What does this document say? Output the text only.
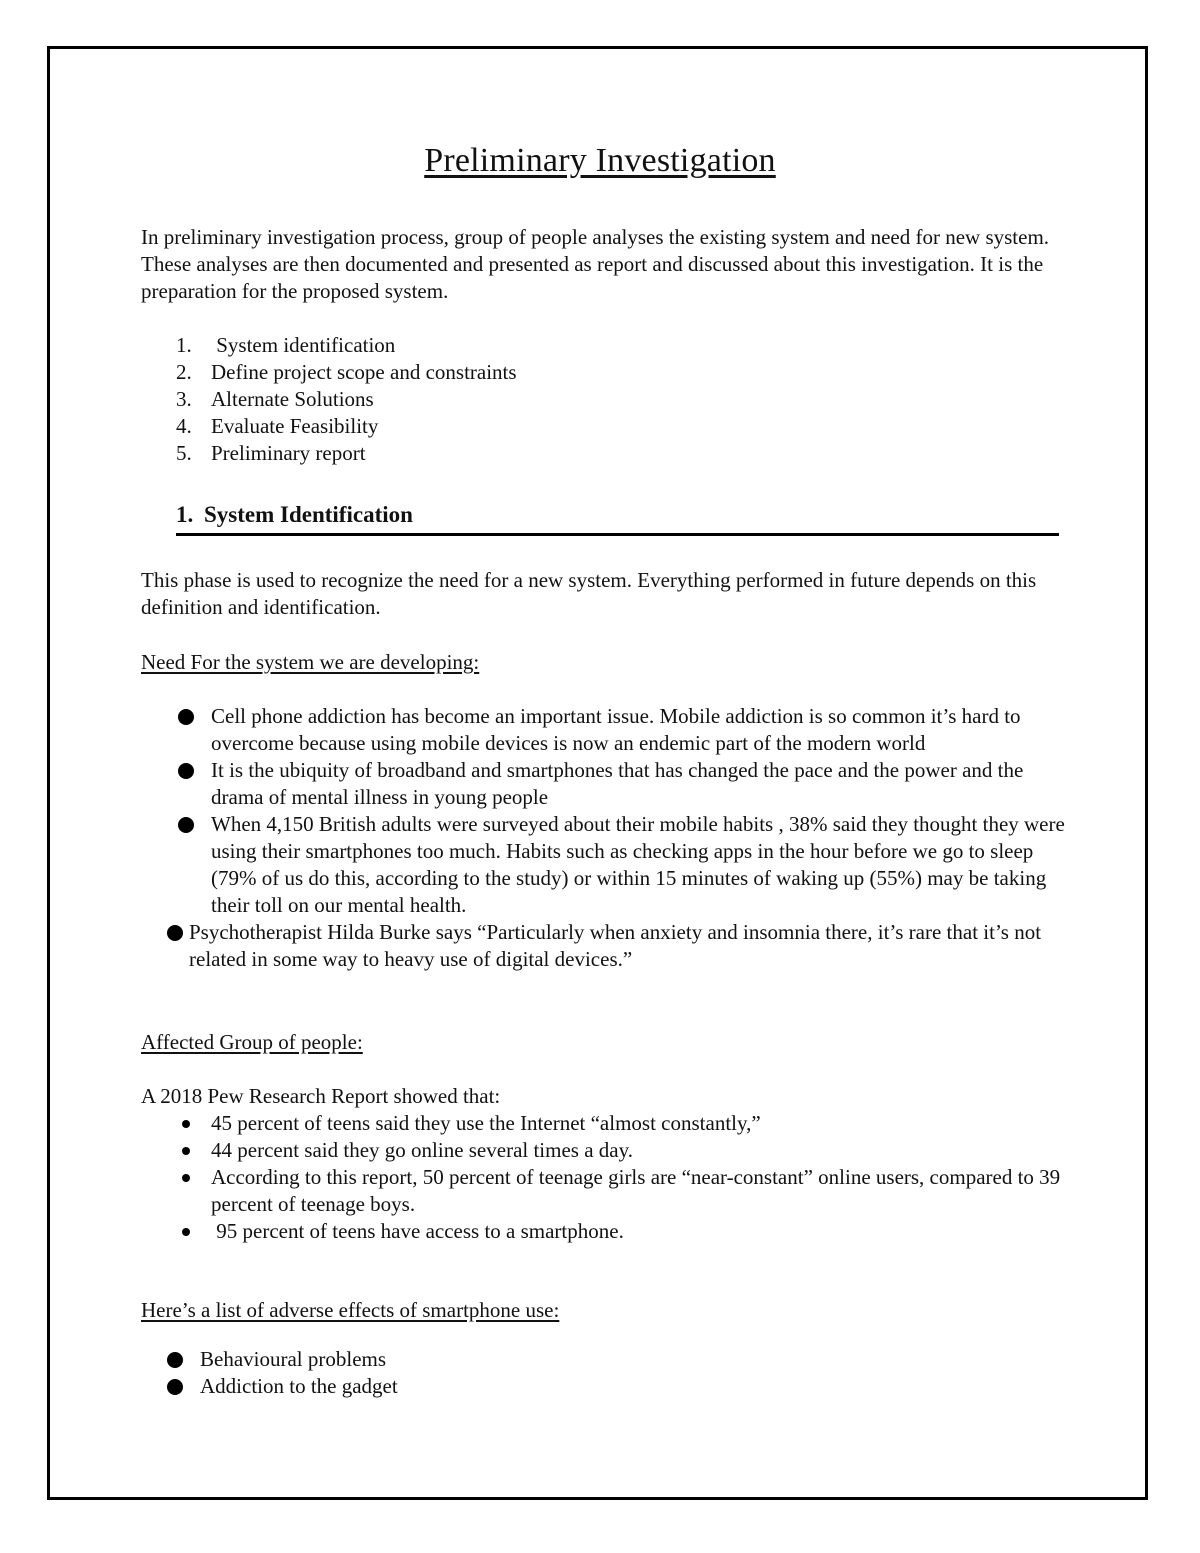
Preliminary Investigation

In preliminary investigation process, group of people analyses the existing system and need for new system. These analyses are then documented and presented as report and discussed about this investigation. It is the preparation for the proposed system.

1. System identification
2. Define project scope and constraints
3. Alternate Solutions
4. Evaluate Feasibility
5. Preliminary report
1. System Identification

This phase is used to recognize the need for a new system. Everything performed in future depends on this definition and identification.

Need For the system we are developing:
Cell phone addiction has become an important issue. Mobile addiction is so common it’s hard to overcome because using mobile devices is now an endemic part of the modern world
It is the ubiquity of broadband and smartphones that has changed the pace and the power and the drama of mental illness in young people
When 4,150 British adults were surveyed about their mobile habits , 38% said they thought they were using their smartphones too much. Habits such as checking apps in the hour before we go to sleep (79% of us do this, according to the study) or within 15 minutes of waking up (55%) may be taking their toll on our mental health.
Psychotherapist Hilda Burke says “Particularly when anxiety and insomnia there, it’s rare that it’s not related in some way to heavy use of digital devices.”
Affected Group of people:
A 2018 Pew Research Report showed that:
45 percent of teens said they use the Internet “almost constantly,”
44 percent said they go online several times a day.
According to this report, 50 percent of teenage girls are “near-constant” online users, compared to 39 percent of teenage boys.
95 percent of teens have access to a smartphone.
Here’s a list of adverse effects of smartphone use:
Behavioural problems
Addiction to the gadget
